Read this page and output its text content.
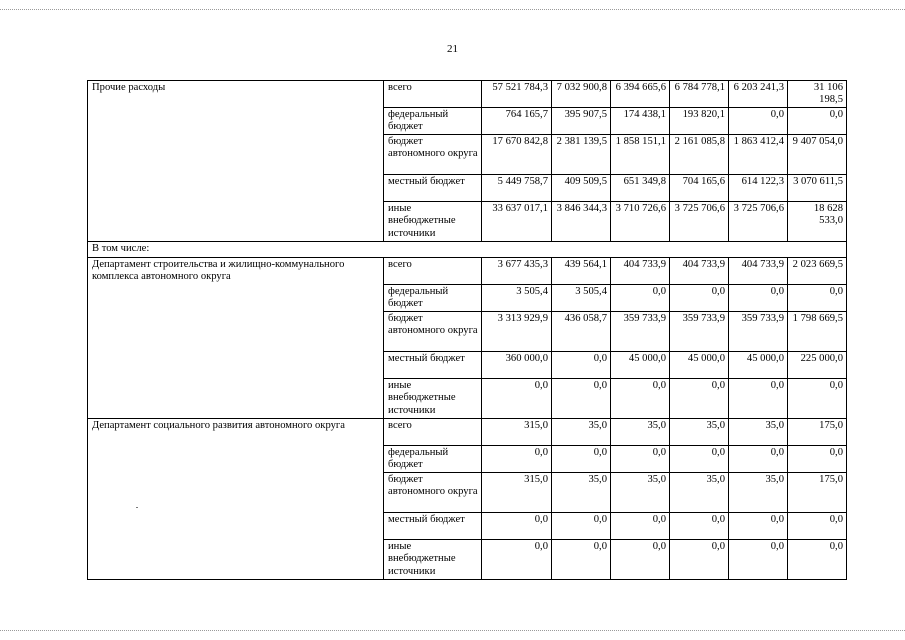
21
Прочие расходы	всего	57 521 784,3	7 032 900,8	6 394 665,6	6 784 778,1	6 203 241,3	31 106 198,5
	федеральный бюджет	764 165,7	395 907,5	174 438,1	193 820,1	0,0	0,0
	бюджет автономного округа	17 670 842,8	2 381 139,5	1 858 151,1	2 161 085,8	1 863 412,4	9 407 054,0
	местный бюджет	5 449 758,7	409 509,5	651 349,8	704 165,6	614 122,3	3 070 611,5
	иные внебюджетные источники	33 637 017,1	3 846 344,3	3 710 726,6	3 725 706,6	3 725 706,6	18 628 533,0
В том числе:							
Департамент строительства и жилищно-коммунального комплекса автономного округа	всего	3 677 435,3	439 564,1	404 733,9	404 733,9	404 733,9	2 023 669,5
	федеральный бюджет	3 505,4	3 505,4	0,0	0,0	0,0	0,0
	бюджет автономного округа	3 313 929,9	436 058,7	359 733,9	359 733,9	359 733,9	1 798 669,5
	местный бюджет	360 000,0	0,0	45 000,0	45 000,0	45 000,0	225 000,0
	иные внебюджетные источники	0,0	0,0	0,0	0,0	0,0	0,0
Департамент социального развития автономного округа	всего	315,0	35,0	35,0	35,0	35,0	175,0
	федеральный бюджет	0,0	0,0	0,0	0,0	0,0	0,0
	бюджет автономного округа	315,0	35,0	35,0	35,0	35,0	175,0
	местный бюджет	0,0	0,0	0,0	0,0	0,0	0,0
	иные внебюджетные источники	0,0	0,0	0,0	0,0	0,0	0,0
